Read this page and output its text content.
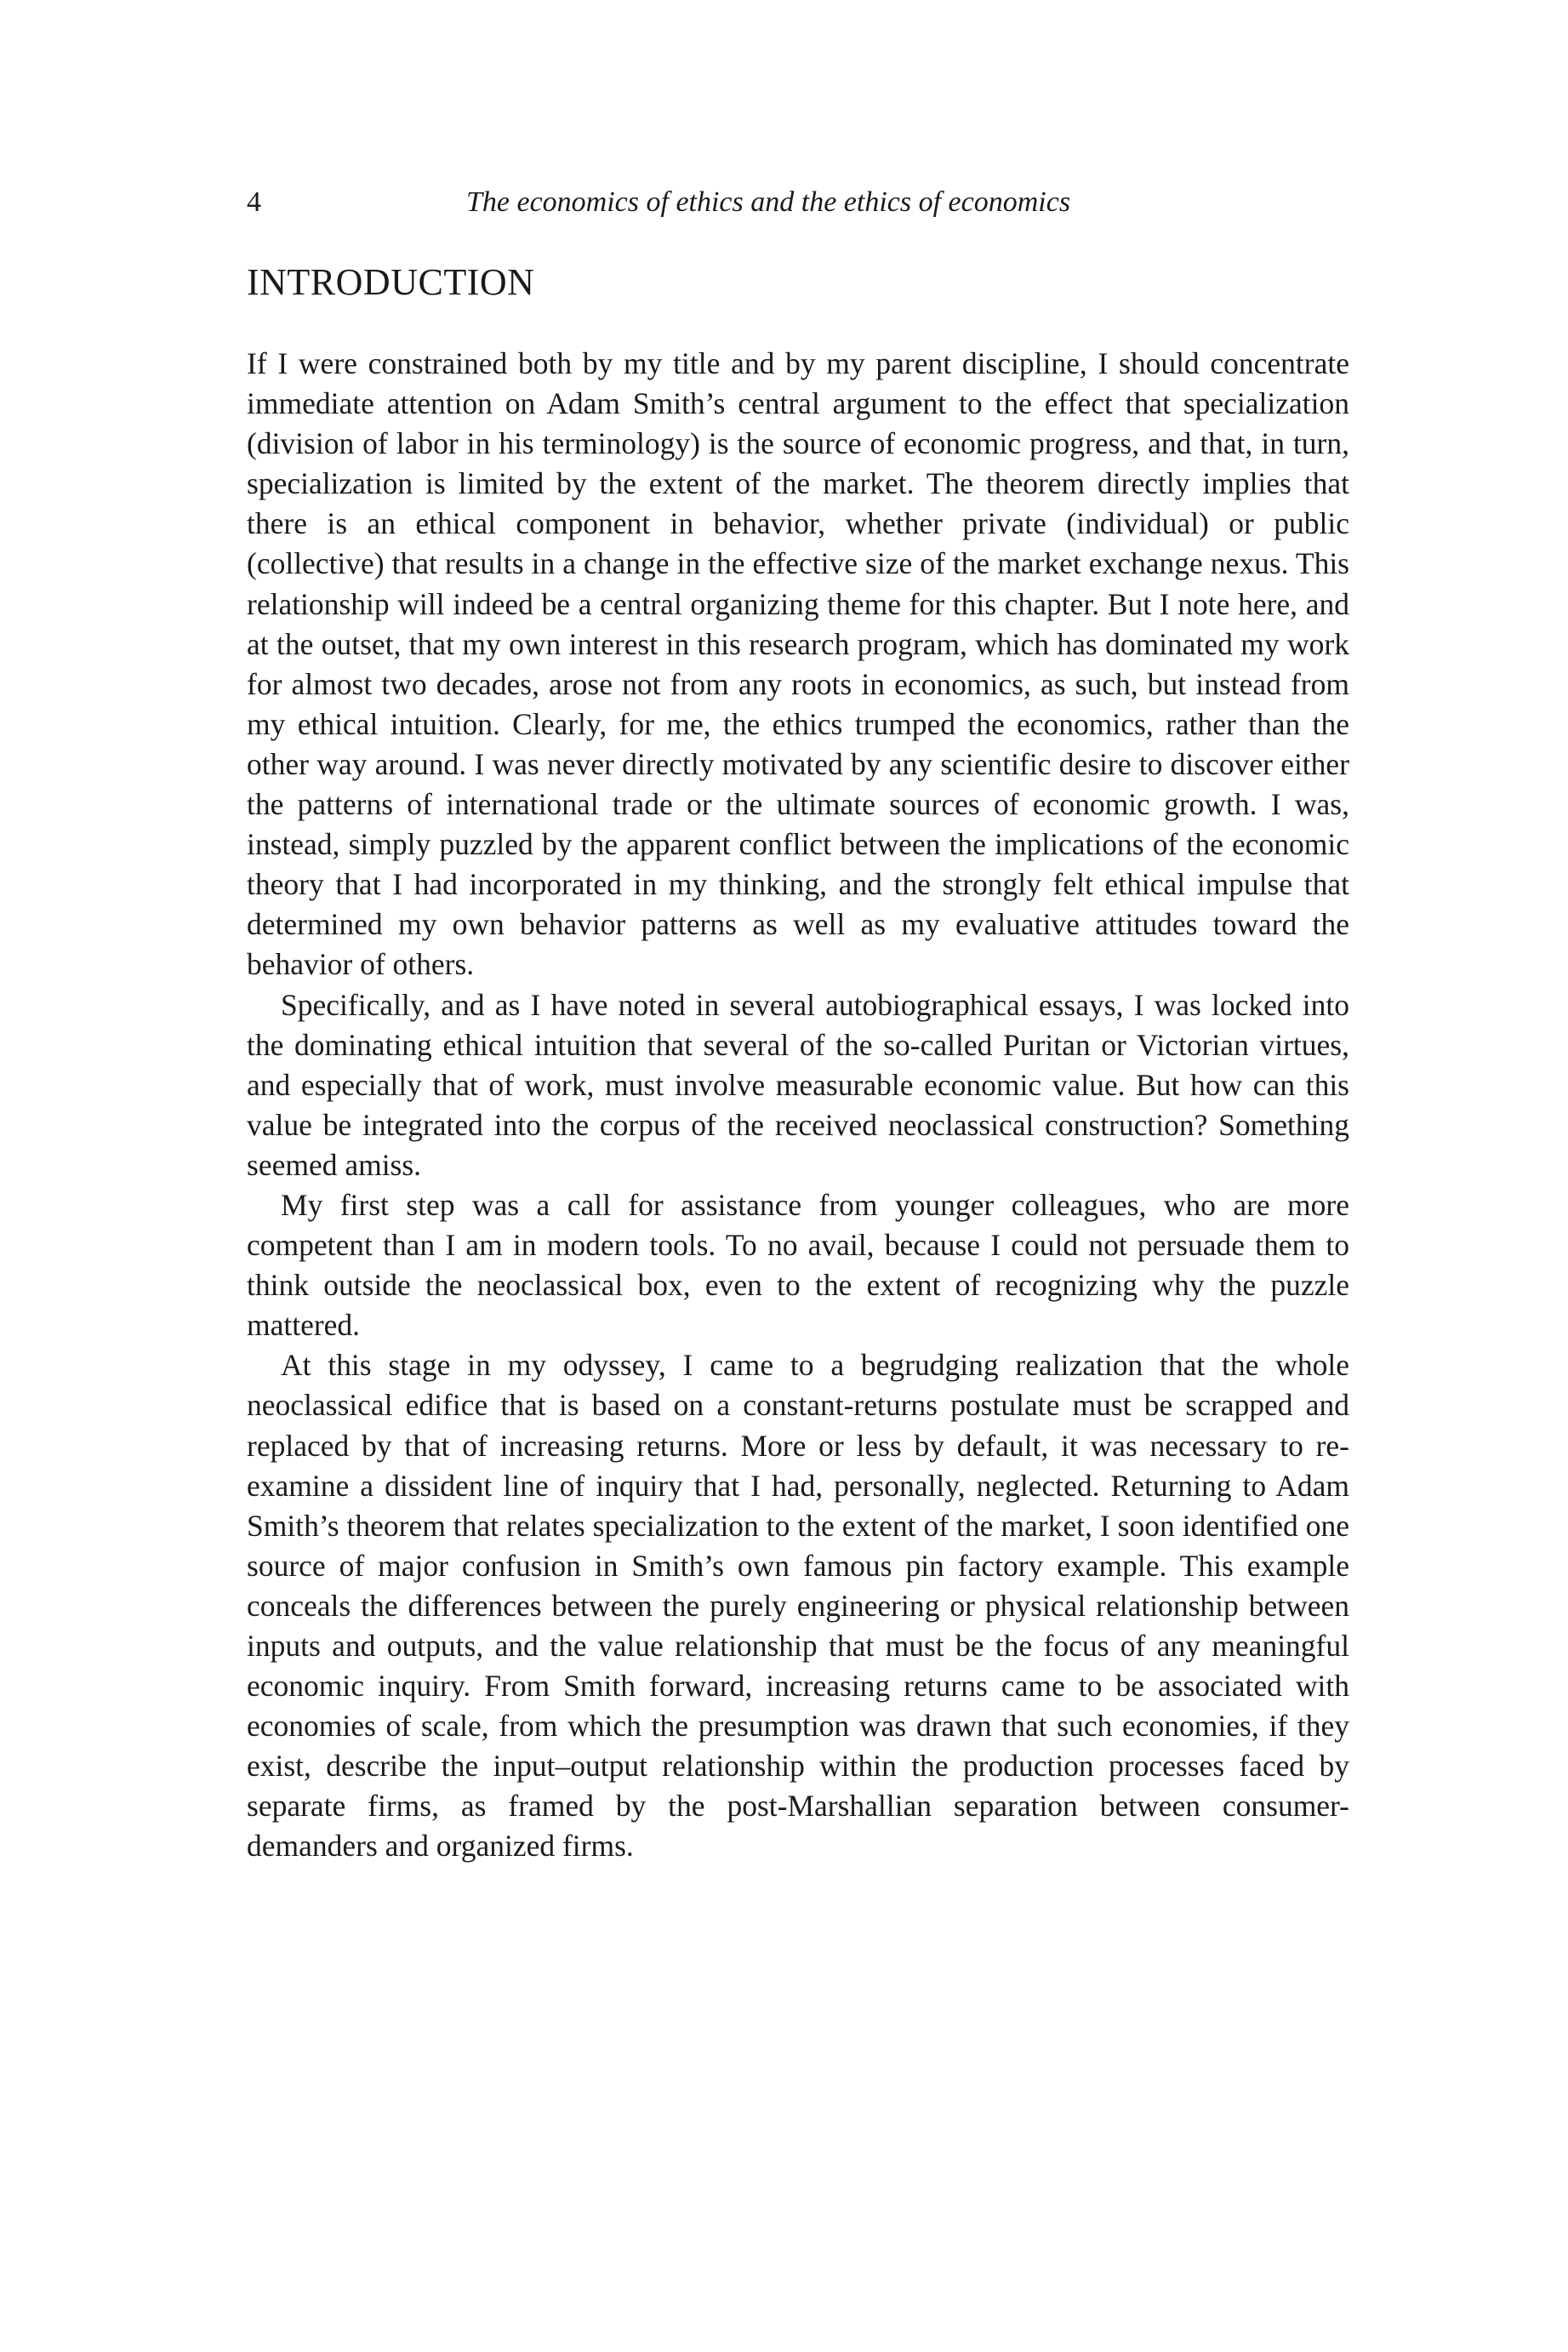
4	The economics of ethics and the ethics of economics
INTRODUCTION

If I were constrained both by my title and by my parent discipline, I should concentrate immediate attention on Adam Smith’s central argument to the effect that specialization (division of labor in his terminology) is the source of economic progress, and that, in turn, specialization is limited by the extent of the market. The theorem directly implies that there is an ethical component in behavior, whether private (individual) or public (collective) that results in a change in the effective size of the market exchange nexus. This relationship will indeed be a central organizing theme for this chapter. But I note here, and at the outset, that my own interest in this research program, which has dominated my work for almost two decades, arose not from any roots in economics, as such, but instead from my ethical intuition. Clearly, for me, the ethics trumped the economics, rather than the other way around. I was never directly motivated by any scientific desire to discover either the patterns of international trade or the ultimate sources of economic growth. I was, instead, simply puzzled by the apparent conflict between the implications of the economic theory that I had incorporated in my thinking, and the strongly felt ethical impulse that determined my own behavior patterns as well as my evaluative attitudes toward the behavior of others.

Specifically, and as I have noted in several autobiographical essays, I was locked into the dominating ethical intuition that several of the so-called Puritan or Victorian virtues, and especially that of work, must involve measurable economic value. But how can this value be integrated into the corpus of the received neoclassical construction? Something seemed amiss.

My first step was a call for assistance from younger colleagues, who are more competent than I am in modern tools. To no avail, because I could not persuade them to think outside the neoclassical box, even to the extent of recognizing why the puzzle mattered.

At this stage in my odyssey, I came to a begrudging realization that the whole neoclassical edifice that is based on a constant-returns postulate must be scrapped and replaced by that of increasing returns. More or less by default, it was necessary to re-examine a dissident line of inquiry that I had, personally, neglected. Returning to Adam Smith’s theorem that relates specialization to the extent of the market, I soon identified one source of major confusion in Smith’s own famous pin factory example. This example conceals the differences between the purely engineering or physical relationship between inputs and outputs, and the value relationship that must be the focus of any meaningful economic inquiry. From Smith forward, increasing returns came to be associated with economies of scale, from which the presumption was drawn that such economies, if they exist, describe the input–output relationship within the production processes faced by separate firms, as framed by the post-Marshallian separation between consumer-demanders and organized firms.
